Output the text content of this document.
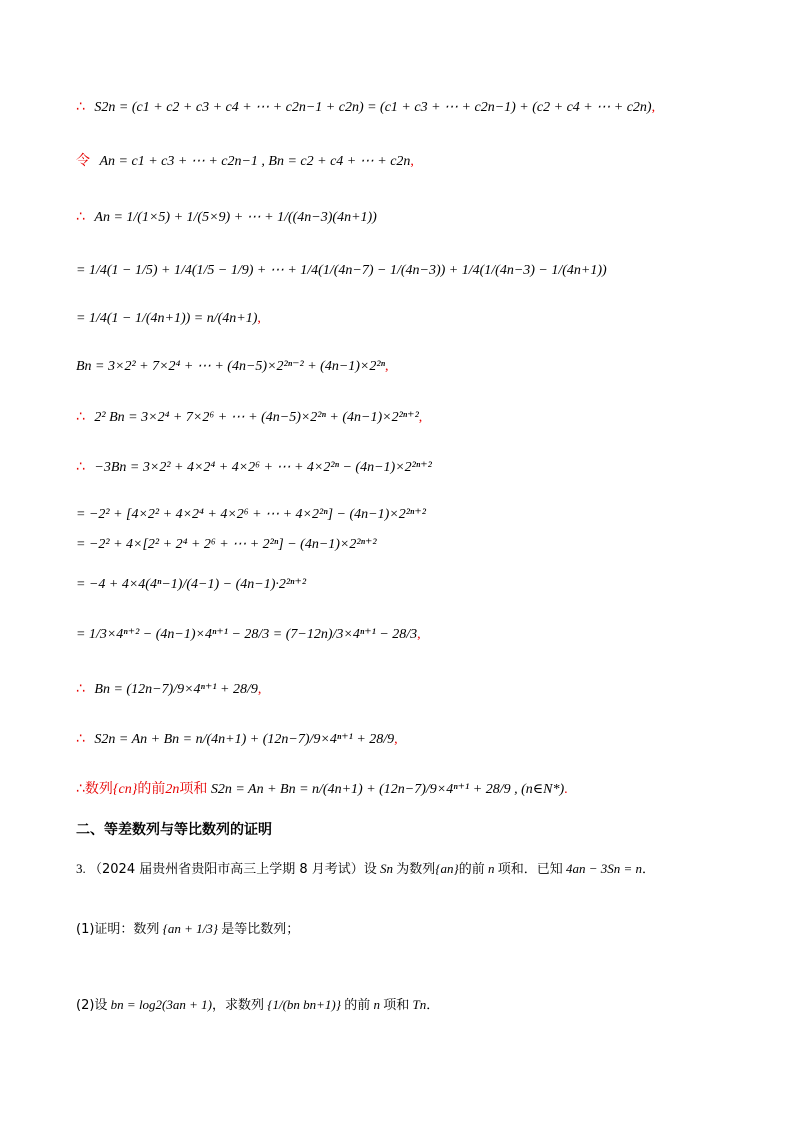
∴ S2n = (c1 + c2 + c3 + c4 + ⋯ + c2n−1 + c2n) = (c1 + c3 + ⋯ + c2n−1) + (c2 + c4 + ⋯ + c2n),
令 An = c1 + c3 + ⋯ + c2n−1 , Bn = c2 + c4 + ⋯ + c2n,
∴ An = 1/(1×5) + 1/(5×9) + ⋯ + 1/((4n−3)(4n+1))
= 1/4(1 − 1/5) + 1/4(1/5 − 1/9) + ⋯ + 1/4(1/(4n−7) − 1/(4n−3)) + 1/4(1/(4n−3) − 1/(4n+1))
= 1/4(1 − 1/(4n+1)) = n/(4n+1),
Bn = 3×2² + 7×2⁴ + ⋯ + (4n−5)×2²ⁿ⁻² + (4n−1)×2²ⁿ,
∴ 2² Bn = 3×2⁴ + 7×2⁶ + ⋯ + (4n−5)×2²ⁿ + (4n−1)×2²ⁿ⁺²,
∴ −3Bn = 3×2² + 4×2⁴ + 4×2⁶ + ⋯ + 4×2²ⁿ − (4n−1)×2²ⁿ⁺²
= −2² + [4×2² + 4×2⁴ + 4×2⁶ + ⋯ + 4×2²ⁿ] − (4n−1)×2²ⁿ⁺²
= −2² + 4×[2² + 2⁴ + 2⁶ + ⋯ + 2²ⁿ] − (4n−1)×2²ⁿ⁺²
= −4 + 4×4(4ⁿ−1)/(4−1) − (4n−1)·2²ⁿ⁺²
= 1/3×4ⁿ⁺² − (4n−1)×4ⁿ⁺¹ − 28/3 = (7−12n)/3×4ⁿ⁺¹ − 28/3,
∴ Bn = (12n−7)/9×4ⁿ⁺¹ + 28/9,
∴ S2n = An + Bn = n/(4n+1) + (12n−7)/9×4ⁿ⁺¹ + 28/9,
∴数列{cn}的前2n项和 S2n = An + Bn = n/(4n+1) + (12n−7)/9×4ⁿ⁺¹ + 28/9 , (n∈N*).
二、等差数列与等比数列的证明
3. （2024 届贵州省贵阳市高三上学期 8 月考试）设 Sn 为数列{an}的前 n 项和．已知 4an − 3Sn = n．
(1)证明：数列 {an + 1/3} 是等比数列；
(2)设 bn = log2(3an + 1)，求数列 {1/(bn bn+1)} 的前 n 项和 Tn．
